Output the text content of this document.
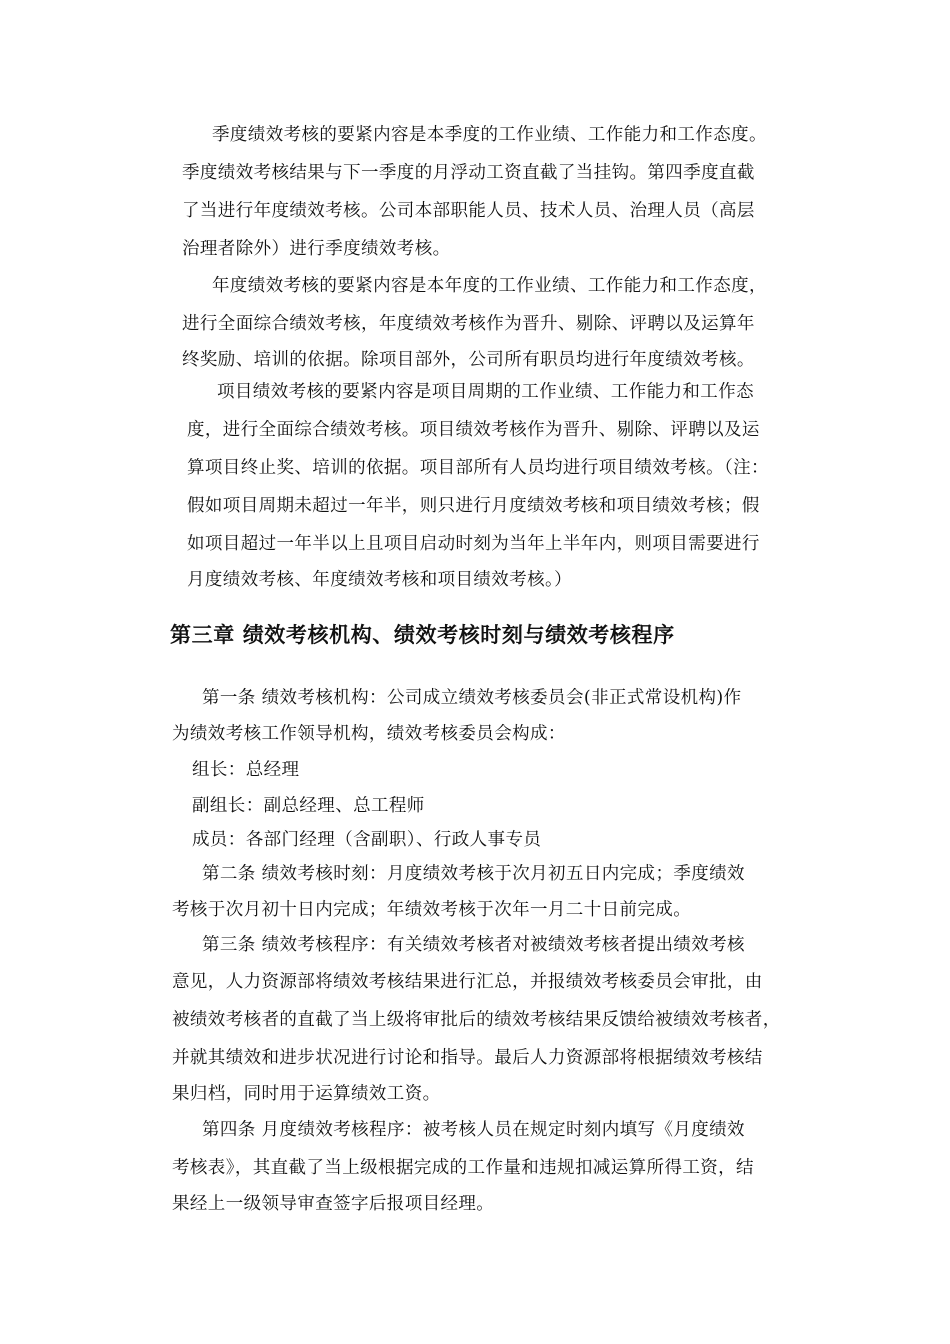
季度绩效考核的要紧内容是本季度的工作业绩、工作能力和工作态度。
季度绩效考核结果与下一季度的月浮动工资直截了当挂钩。第四季度直截
了当进行年度绩效考核。公司本部职能人员、技术人员、治理人员（高层
治理者除外）进行季度绩效考核。
年度绩效考核的要紧内容是本年度的工作业绩、工作能力和工作态度，
进行全面综合绩效考核，年度绩效考核作为晋升、剔除、评聘以及运算年
终奖励、培训的依据。除项目部外，公司所有职员均进行年度绩效考核。
项目绩效考核的要紧内容是项目周期的工作业绩、工作能力和工作态
度，进行全面综合绩效考核。项目绩效考核作为晋升、剔除、评聘以及运
算项目终止奖、培训的依据。项目部所有人员均进行项目绩效考核。（注：
假如项目周期未超过一年半，则只进行月度绩效考核和项目绩效考核；假
如项目超过一年半以上且项目启动时刻为当年上半年内，则项目需要进行
月度绩效考核、年度绩效考核和项目绩效考核。）
第三章 绩效考核机构、绩效考核时刻与绩效考核程序
第一条 绩效考核机构：公司成立绩效考核委员会(非正式常设机构)作
为绩效考核工作领导机构，绩效考核委员会构成：
组长：总经理
副组长：副总经理、总工程师
成员：各部门经理（含副职）、行政人事专员
第二条 绩效考核时刻：月度绩效考核于次月初五日内完成；季度绩效
考核于次月初十日内完成；年绩效考核于次年一月二十日前完成。
第三条 绩效考核程序：有关绩效考核者对被绩效考核者提出绩效考核
意见，人力资源部将绩效考核结果进行汇总，并报绩效考核委员会审批，由
被绩效考核者的直截了当上级将审批后的绩效考核结果反馈给被绩效考核者，
并就其绩效和进步状况进行讨论和指导。最后人力资源部将根据绩效考核结
果归档，同时用于运算绩效工资。
第四条 月度绩效考核程序：被考核人员在规定时刻内填写《月度绩效
考核表》，其直截了当上级根据完成的工作量和违规扣减运算所得工资，结
果经上一级领导审查签字后报项目经理。
